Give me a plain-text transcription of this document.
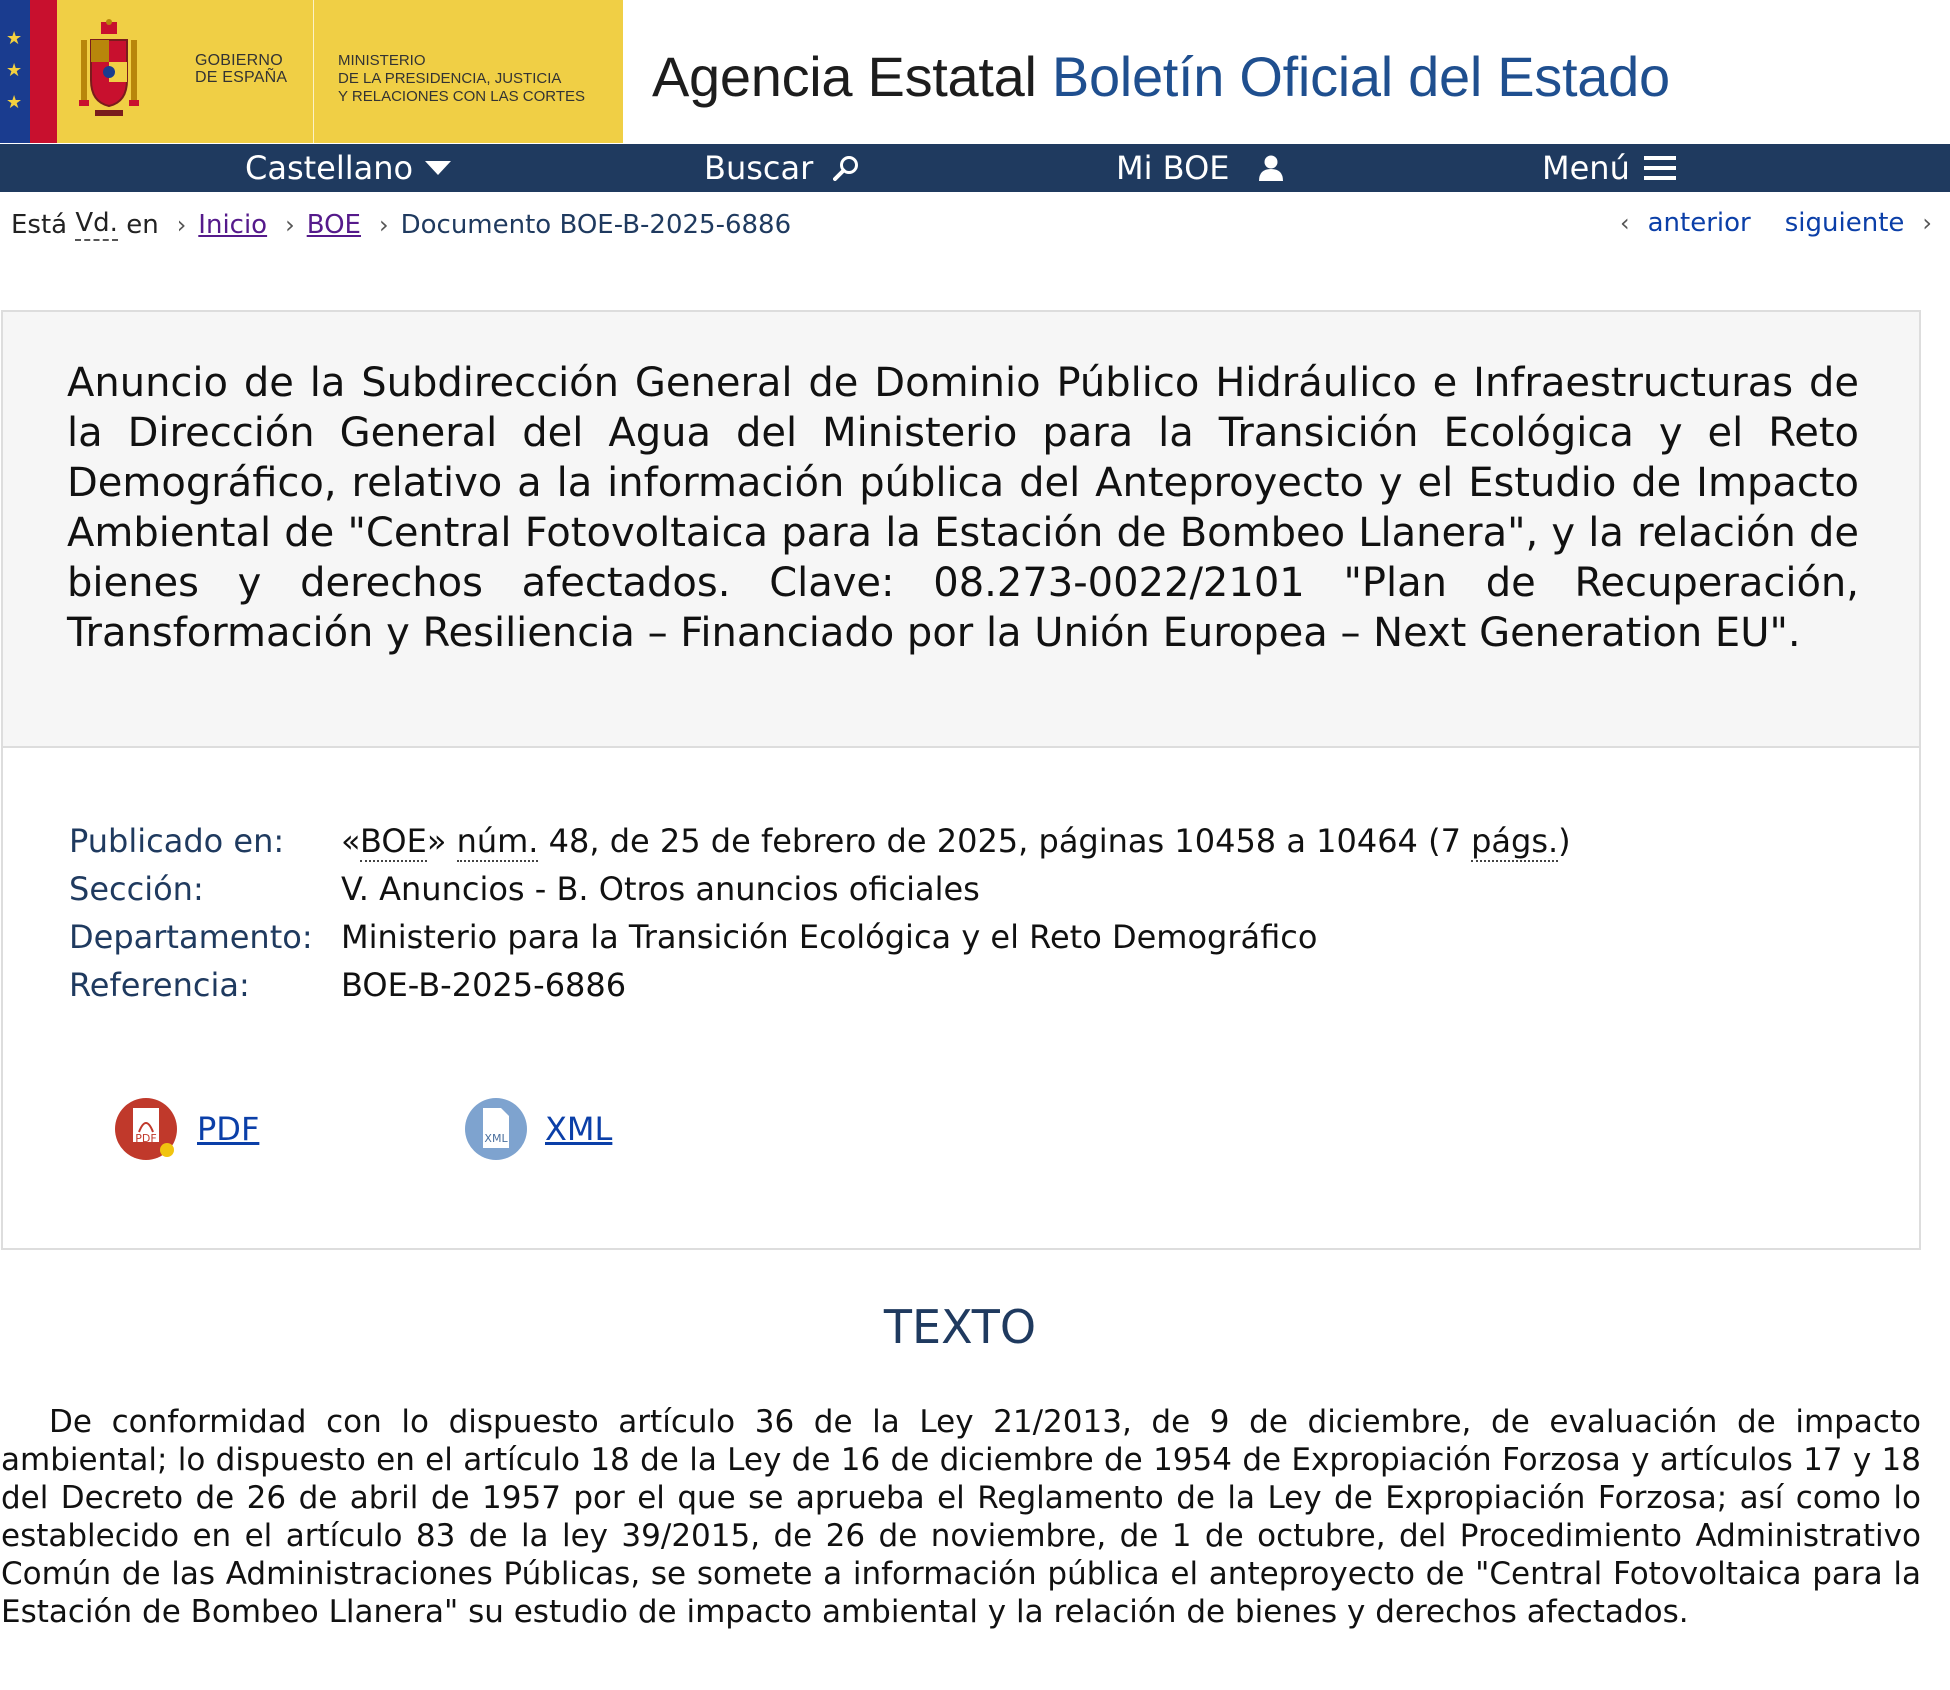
★
★
★
GOBIERNO
DE ESPAÑA
MINISTERIO
DE LA PRESIDENCIA, JUSTICIA
Y RELACIONES CON LAS CORTES Agencia Estatal Boletín Oficial del Estado
Castellano	Buscar	Mi BOE	Menú
Está Vd. en › Inicio › BOE › Documento BOE-B-2025-6886	‹ anterior siguiente ›
Anuncio de la Subdirección General de Dominio Público Hidráulico e Infraestructuras de la Dirección General del Agua del Ministerio para la Transición Ecológica y el Reto Demográfico, relativo a la información pública del Anteproyecto y el Estudio de Impacto Ambiental de "Central Fotovoltaica para la Estación de Bombeo Llanera", y la relación de bienes y derechos afectados. Clave: 08.273-0022/2101 "Plan de Recuperación, Transformación y Resiliencia – Financiado por la Unión Europea – Next Generation EU".
Publicado en:	«BOE» núm. 48, de 25 de febrero de 2025, páginas 10458 a 10464 (7 págs.)
Sección:	V. Anuncios - B. Otros anuncios oficiales
Departamento: Ministerio para la Transición Ecológica y el Reto Demográfico
Referencia:	BOE-B-2025-6886
PDF PDF	XML XML
TEXTO

De conformidad con lo dispuesto artículo 36 de la Ley 21/2013, de 9 de diciembre, de evaluación de impacto ambiental; lo dispuesto en el artículo 18 de la Ley de 16 de diciembre de 1954 de Expropiación Forzosa y artículos 17 y 18 del Decreto de 26 de abril de 1957 por el que se aprueba el Reglamento de la Ley de Expropiación Forzosa; así como lo establecido en el artículo 83 de la ley 39/2015, de 26 de noviembre, de 1 de octubre, del Procedimiento Administrativo Común de las Administraciones Públicas, se somete a información pública el anteproyecto de "Central Fotovoltaica para la Estación de Bombeo Llanera" su estudio de impacto ambiental y la relación de bienes y derechos afectados.
